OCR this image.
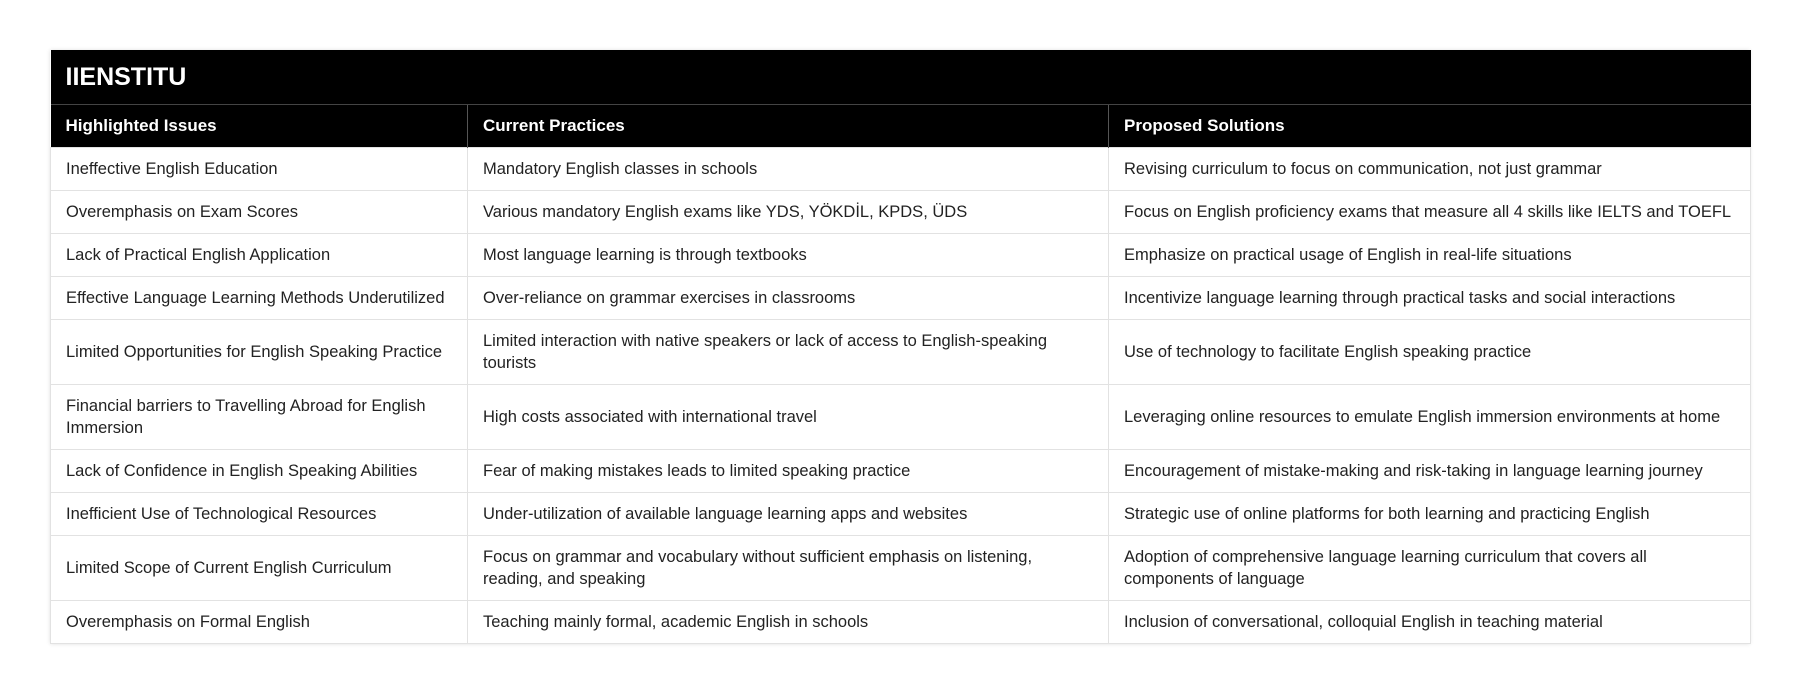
IIENSTITU		
Highlighted Issues	Current Practices	Proposed Solutions
Ineffective English Education	Mandatory English classes in schools	Revising curriculum to focus on communication, not just grammar
Overemphasis on Exam Scores	Various mandatory English exams like YDS, YÖKDİL, KPDS, ÜDS	Focus on English proficiency exams that measure all 4 skills like IELTS and TOEFL
Lack of Practical English Application	Most language learning is through textbooks	Emphasize on practical usage of English in real-life situations
Effective Language Learning Methods Underutilized	Over-reliance on grammar exercises in classrooms	Incentivize language learning through practical tasks and social interactions
Limited Opportunities for English Speaking Practice	Limited interaction with native speakers or lack of access to English-speaking tourists	Use of technology to facilitate English speaking practice
Financial barriers to Travelling Abroad for English Immersion	High costs associated with international travel	Leveraging online resources to emulate English immersion environments at home
Lack of Confidence in English Speaking Abilities	Fear of making mistakes leads to limited speaking practice	Encouragement of mistake-making and risk-taking in language learning journey
Inefficient Use of Technological Resources	Under-utilization of available language learning apps and websites	Strategic use of online platforms for both learning and practicing English
Limited Scope of Current English Curriculum	Focus on grammar and vocabulary without sufficient emphasis on listening, reading, and speaking	Adoption of comprehensive language learning curriculum that covers all components of language
Overemphasis on Formal English	Teaching mainly formal, academic English in schools	Inclusion of conversational, colloquial English in teaching material
